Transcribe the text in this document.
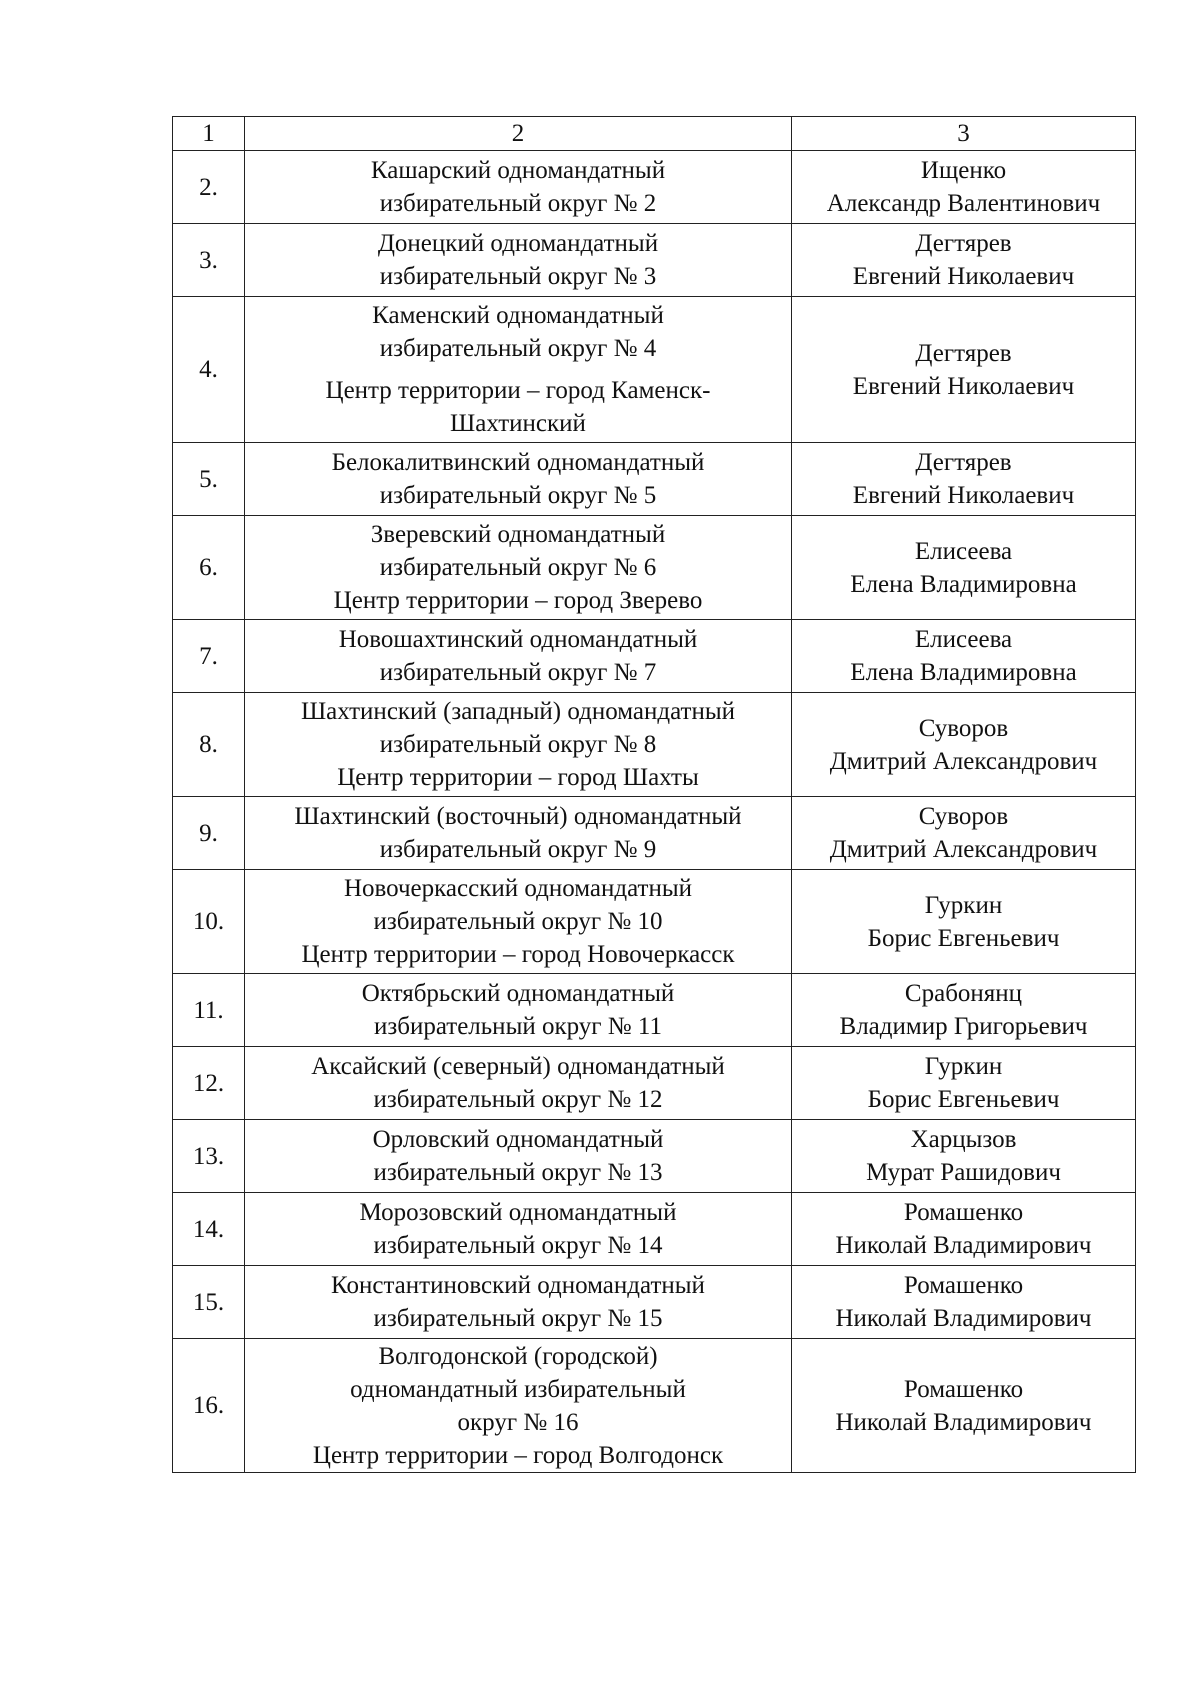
1	2	3
2.	Кашарский одномандатный
избирательный округ № 2	Ищенко
Александр Валентинович

3.	Донецкий одномандатный
избирательный округ № 3	Дегтярев
Евгений Николаевич

4.	Каменский одномандатный
избирательный округ № 4
Центр территории – город Каменск-
Шахтинский	Дегтярев
Евгений Николаевич

5.	Белокалитвинский одномандатный
избирательный округ № 5	Дегтярев
Евгений Николаевич

6.	Зверевский одномандатный
избирательный округ № 6
Центр территории – город Зверево	Елисеева
Елена Владимировна

7.	Новошахтинский одномандатный
избирательный округ № 7	Елисеева
Елена Владимировна

8.	Шахтинский (западный) одномандатный
избирательный округ № 8
Центр территории – город Шахты	Суворов
Дмитрий Александрович

9.	Шахтинский (восточный) одномандатный
избирательный округ № 9	Суворов
Дмитрий Александрович

10.	Новочеркасский одномандатный
избирательный округ № 10
Центр территории – город Новочеркасск	Гуркин
Борис Евгеньевич

11.	Октябрьский одномандатный
избирательный округ № 11	Срабонянц
Владимир Григорьевич

12.	Аксайский (северный) одномандатный
избирательный округ № 12	Гуркин
Борис Евгеньевич

13.	Орловский одномандатный
избирательный округ № 13	Харцызов
Мурат Рашидович

14.	Морозовский одномандатный
избирательный округ № 14	Ромашенко
Николай Владимирович

15.	Константиновский одномандатный
избирательный округ № 15	Ромашенко
Николай Владимирович

16.	Волгодонской (городской)
одномандатный избирательный
округ № 16
Центр территории – город Волгодонск	Ромашенко
Николай Владимирович
